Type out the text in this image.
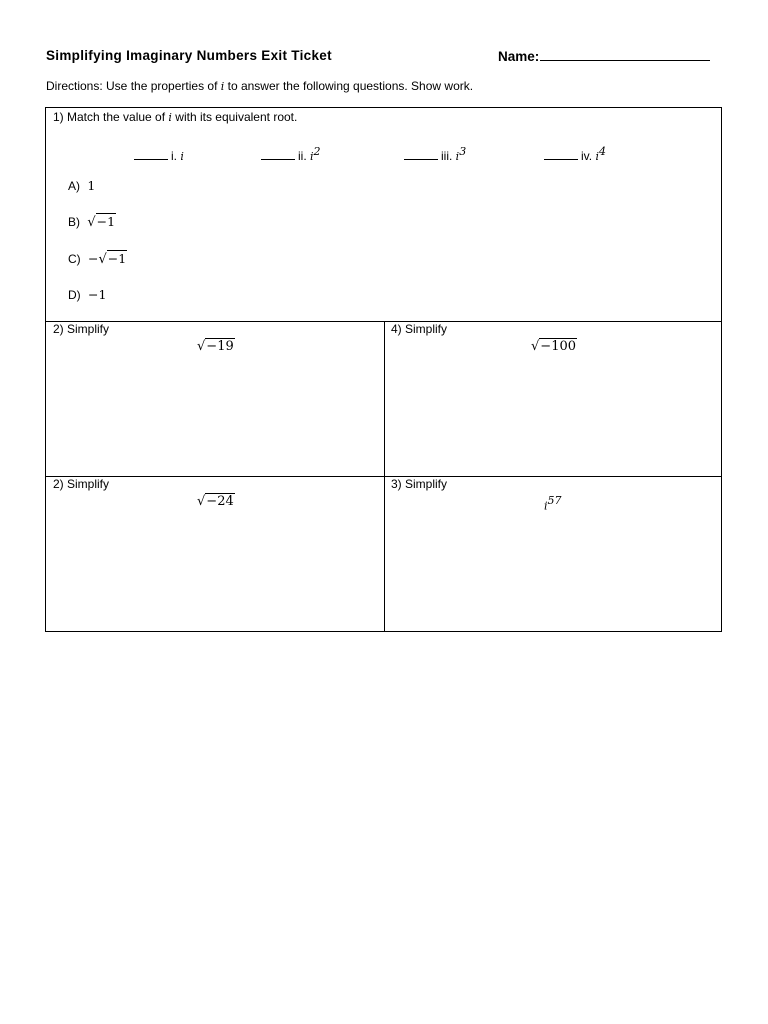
Simplifying Imaginary Numbers Exit Ticket	Name:
Directions: Use the properties of i to answer the following questions. Show work.
1) Match the value of i with its equivalent root.
i. i	ii. $i^2$	iii. $i^3$	iv. $i^4$
A) 1
B) √−1
C) −√−1
D) −1
2) Simplify
√−19
4) Simplify
√−100
2) Simplify
√−24
3) Simplify
$i^{57}$
